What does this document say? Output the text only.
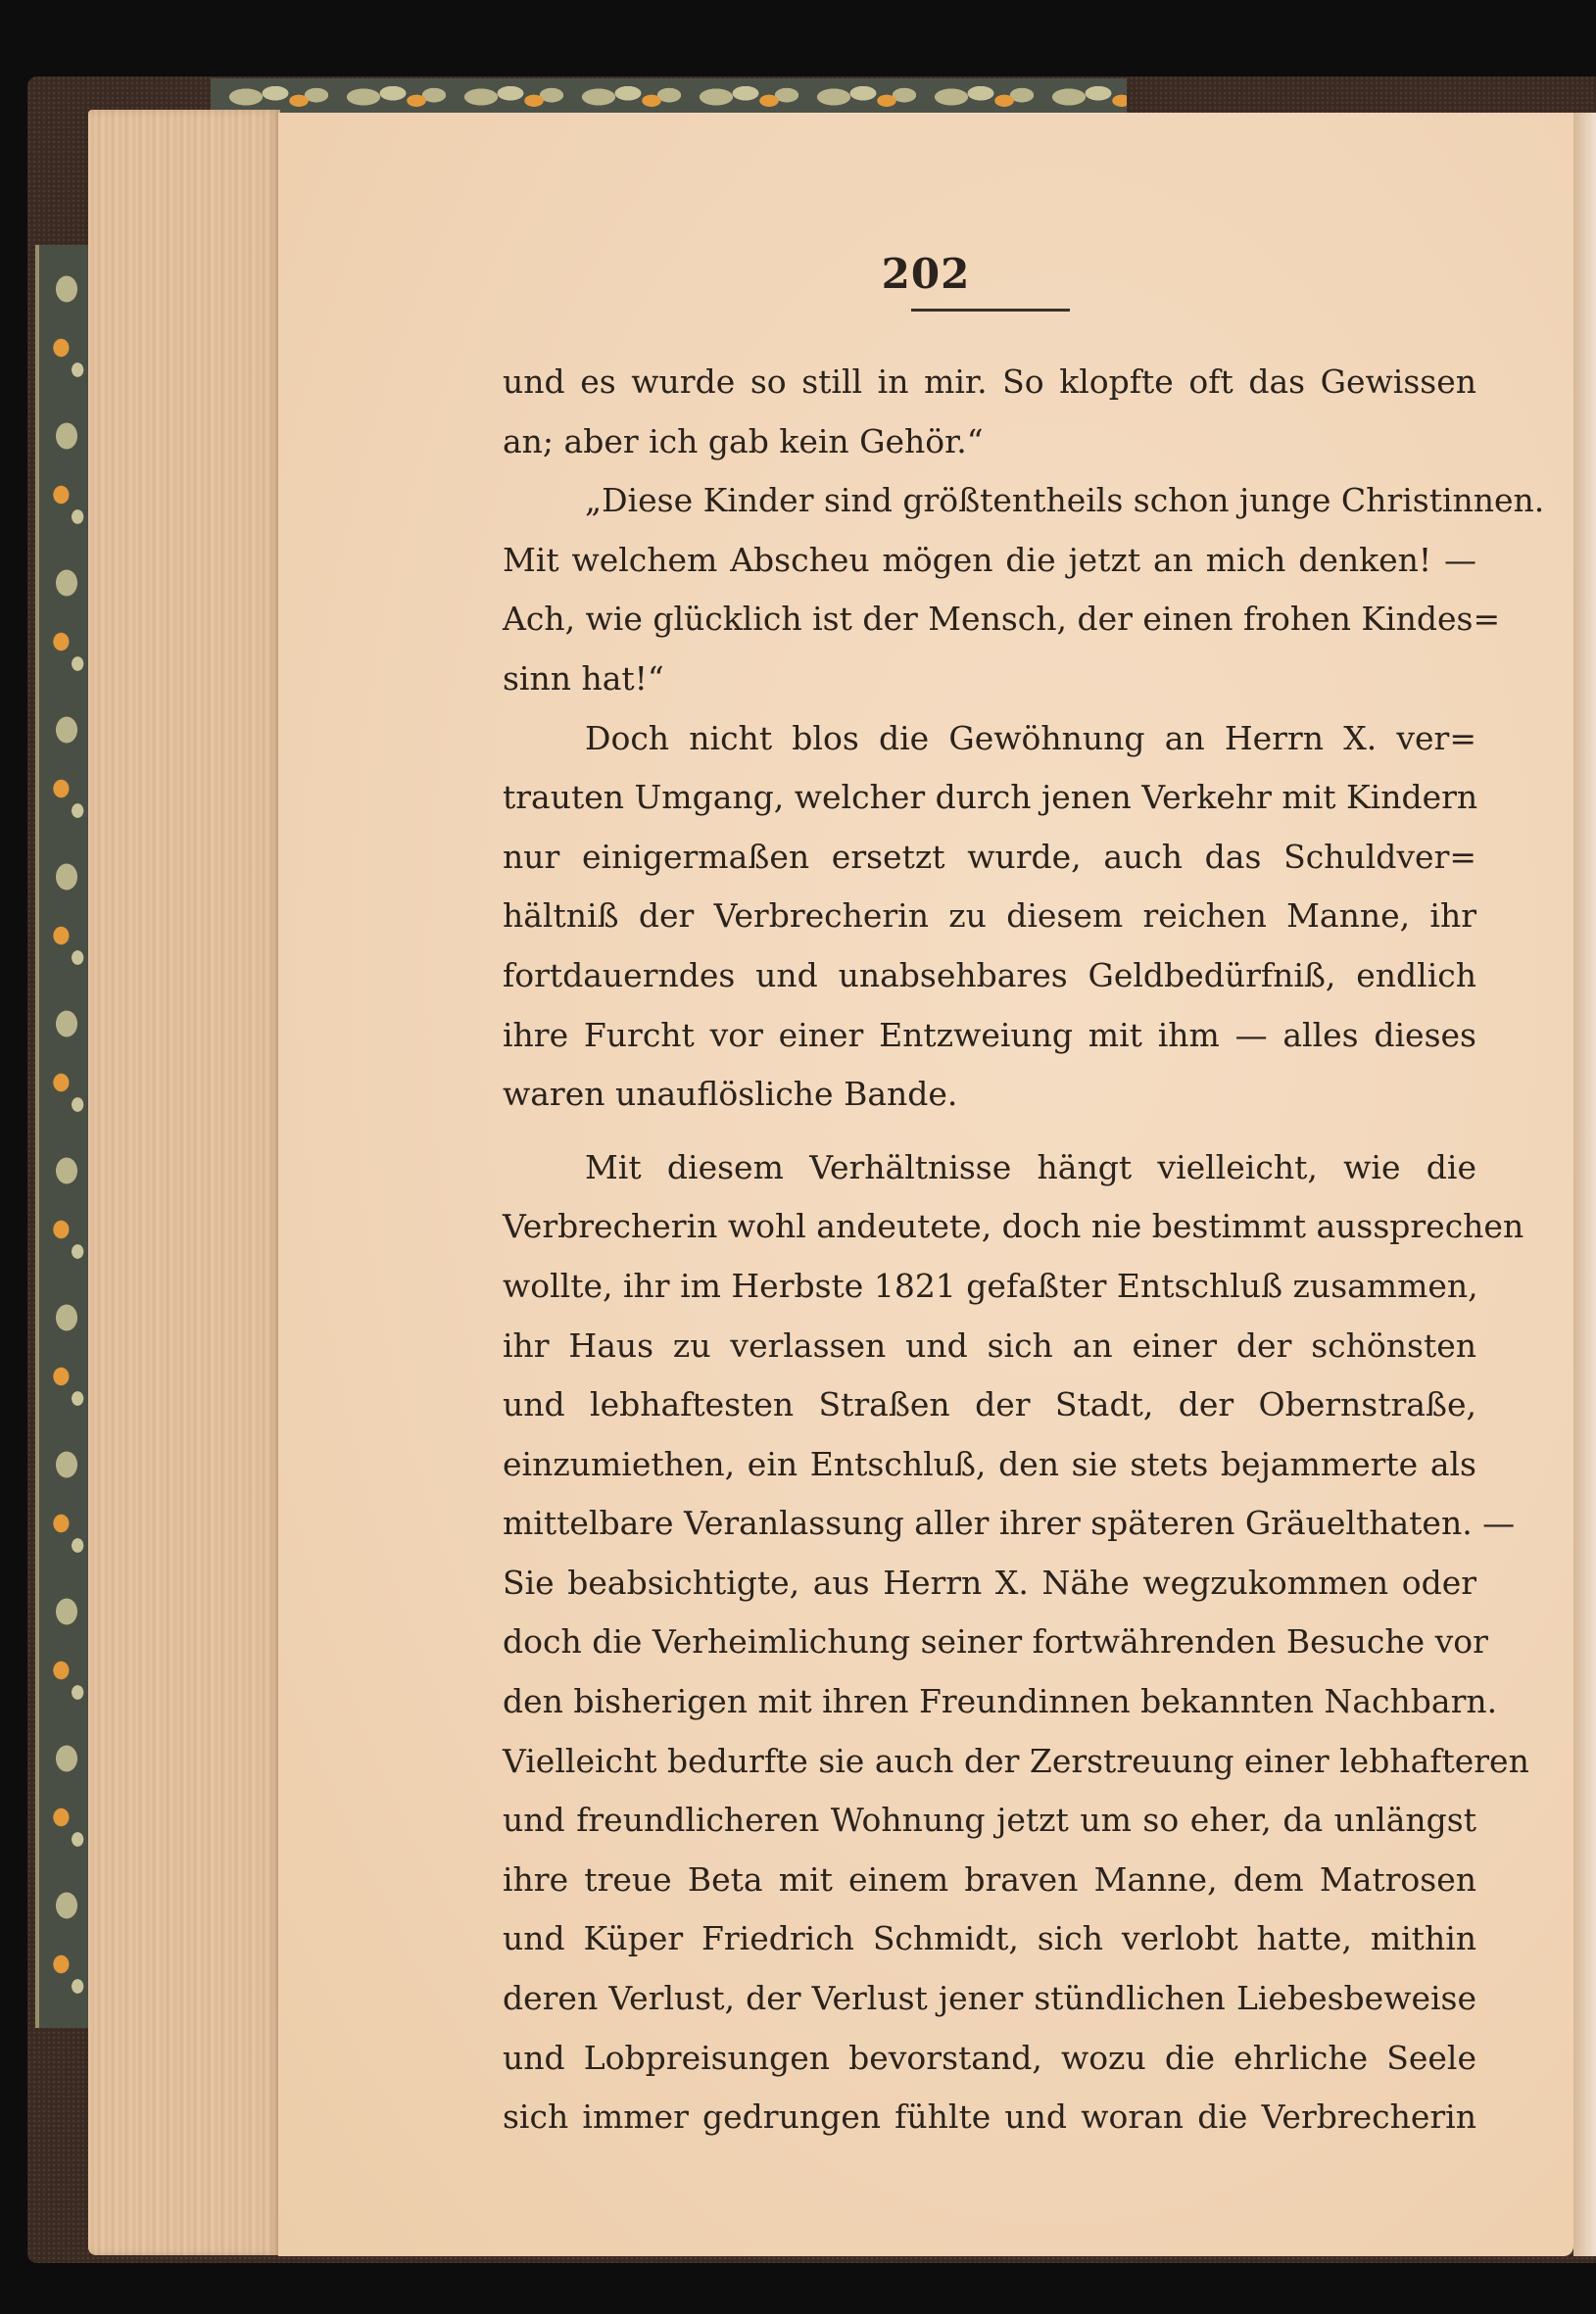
202
und es wurde so still in mir. So klopfte oft das Gewissen
an; aber ich gab kein Gehör.“
„Diese Kinder sind größtentheils schon junge Christinnen.
Mit welchem Abscheu mögen die jetzt an mich denken! —
Ach, wie glücklich ist der Mensch, der einen frohen Kindes=
sinn hat!“
Doch nicht blos die Gewöhnung an Herrn X. ver=
trauten Umgang, welcher durch jenen Verkehr mit Kindern
nur einigermaßen ersetzt wurde, auch das Schuldver=
hältniß der Verbrecherin zu diesem reichen Manne, ihr
fortdauerndes und unabsehbares Geldbedürfniß, endlich
ihre Furcht vor einer Entzweiung mit ihm — alles dieses
waren unauflösliche Bande.
Mit diesem Verhältnisse hängt vielleicht, wie die
Verbrecherin wohl andeutete, doch nie bestimmt aussprechen
wollte, ihr im Herbste 1821 gefaßter Entschluß zusammen,
ihr Haus zu verlassen und sich an einer der schönsten
und lebhaftesten Straßen der Stadt, der Obernstraße,
einzumiethen, ein Entschluß, den sie stets bejammerte als
mittelbare Veranlassung aller ihrer späteren Gräuelthaten. —
Sie beabsichtigte, aus Herrn X. Nähe wegzukommen oder
doch die Verheimlichung seiner fortwährenden Besuche vor
den bisherigen mit ihren Freundinnen bekannten Nachbarn.
Vielleicht bedurfte sie auch der Zerstreuung einer lebhafteren
und freundlicheren Wohnung jetzt um so eher, da unlängst
ihre treue Beta mit einem braven Manne, dem Matrosen
und Küper Friedrich Schmidt, sich verlobt hatte, mithin
deren Verlust, der Verlust jener stündlichen Liebesbeweise
und Lobpreisungen bevorstand, wozu die ehrliche Seele
sich immer gedrungen fühlte und woran die Verbrecherin
